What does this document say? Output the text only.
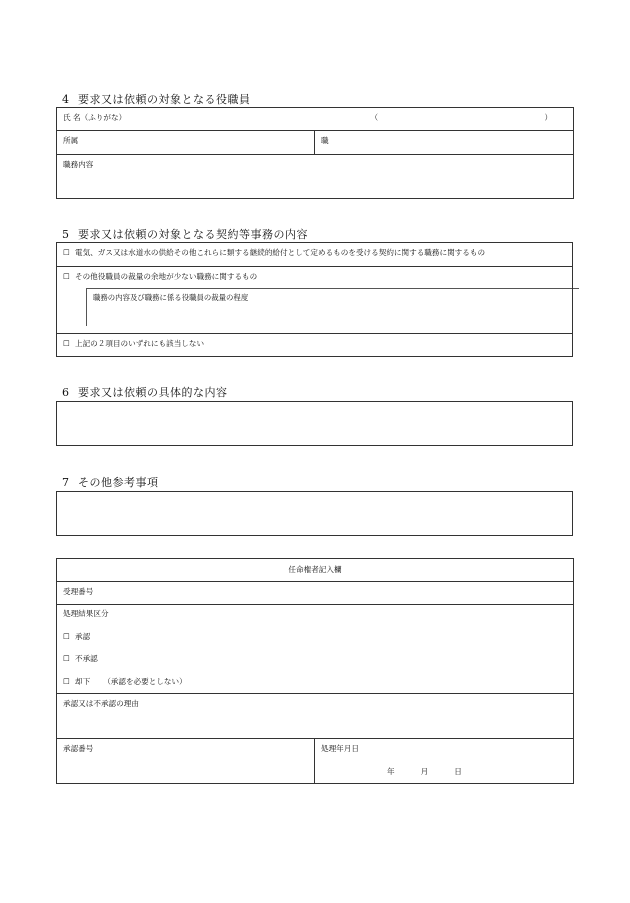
4 要求又は依頼の対象となる役職員
氏 名（ふりがな）	（	）

所属	職
職務内容
5 要求又は依頼の対象となる契約等事務の内容
☐ 電気、ガス又は水道水の供給その他これらに類する継続的給付として定めるものを受ける契約に関する職務に関するもの
☐ その他役職員の裁量の余地が少ない職務に関するもの
職務の内容及び職務に係る役職員の裁量の程度

☐ 上記の２項目のいずれにも該当しない
6 要求又は依頼の具体的な内容
7 その他参考事項
任命権者記入欄
受理番号

処理結果区分
☐ 承認
☐ 不承認
☐ 却下 （承認を必要としない）

承認又は不承認の理由
承認番号	処理年月日
年	月	日
